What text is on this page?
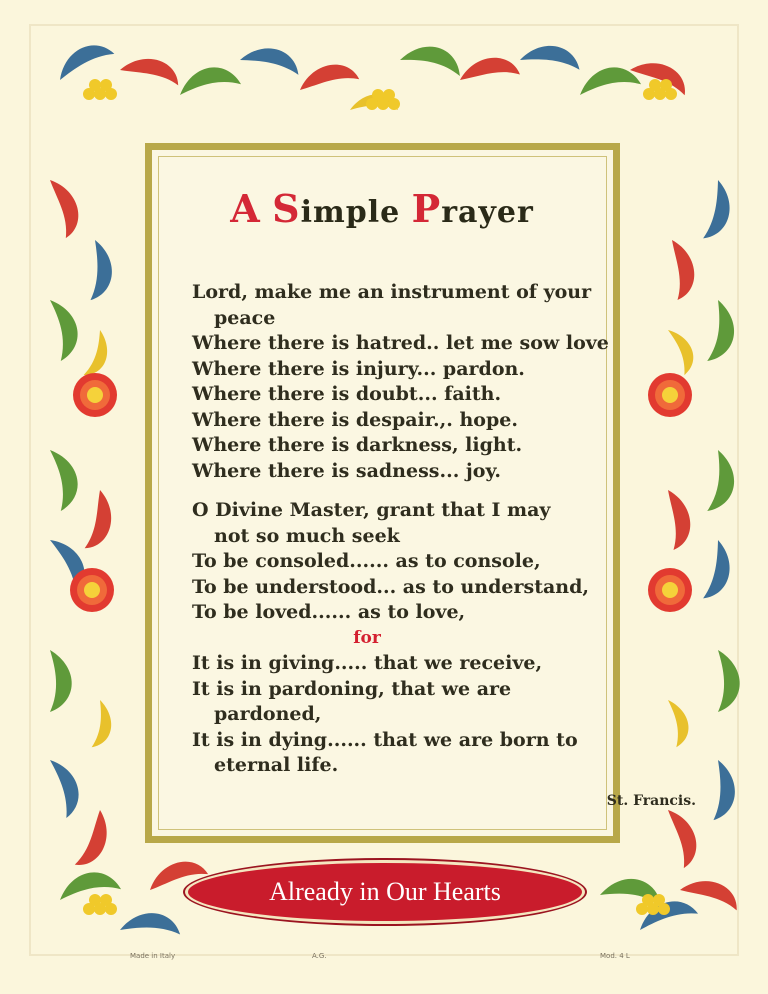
A Simple Prayer
Lord, make me an instrument of your
peace
Where there is hatred.. let me sow love
Where there is injury... pardon.
Where there is doubt... faith.
Where there is despair.,. hope.
Where there is darkness, light.
Where there is sadness... joy.
O Divine Master, grant that I may
not so much seek
To be consoled...... as to console,
To be understood... as to understand,
To be loved...... as to love,
for
It is in giving..... that we receive,
It is in pardoning, that we are
pardoned,
It is in dying...... that we are born to
eternal life.
St. Francis.
Already in Our Hearts
Made in Italy	A.G.	Mod. 4 L
